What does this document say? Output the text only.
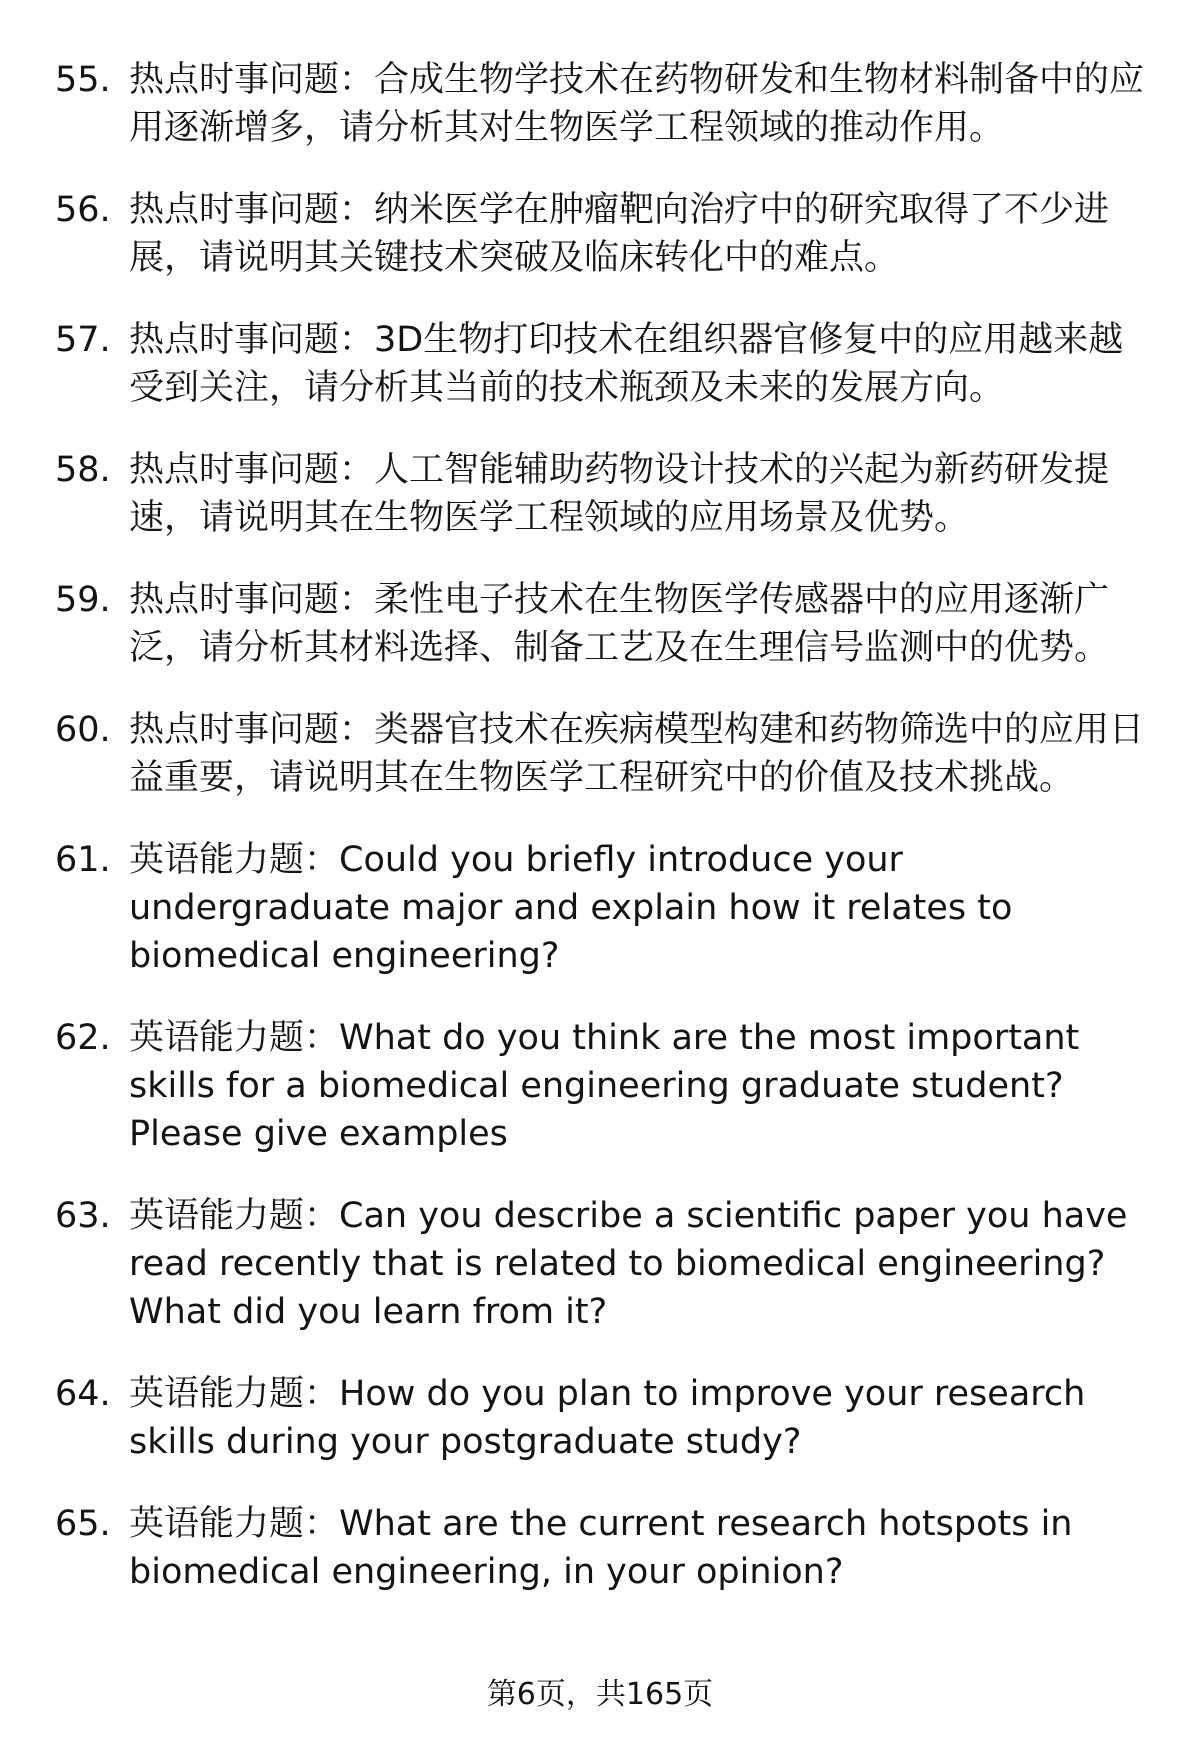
55. 热点时事问题：合成生物学技术在药物研发和生物材料制备中的应用逐渐增多，请分析其对生物医学工程领域的推动作用。
56. 热点时事问题：纳米医学在肿瘤靶向治疗中的研究取得了不少进展，请说明其关键技术突破及临床转化中的难点。
57. 热点时事问题：3D生物打印技术在组织器官修复中的应用越来越受到关注，请分析其当前的技术瓶颈及未来的发展方向。
58. 热点时事问题：人工智能辅助药物设计技术的兴起为新药研发提速，请说明其在生物医学工程领域的应用场景及优势。
59. 热点时事问题：柔性电子技术在生物医学传感器中的应用逐渐广泛，请分析其材料选择、制备工艺及在生理信号监测中的优势。
60. 热点时事问题：类器官技术在疾病模型构建和药物筛选中的应用日益重要，请说明其在生物医学工程研究中的价值及技术挑战。
61. 英语能力题：Could you briefly introduce your undergraduate major and explain how it relates to biomedical engineering?
62. 英语能力题：What do you think are the most important skills for a biomedical engineering graduate student? Please give examples
63. 英语能力题：Can you describe a scientific paper you have read recently that is related to biomedical engineering? What did you learn from it?
64. 英语能力题：How do you plan to improve your research skills during your postgraduate study?
65. 英语能力题：What are the current research hotspots in biomedical engineering, in your opinion?
第6页，共165页
